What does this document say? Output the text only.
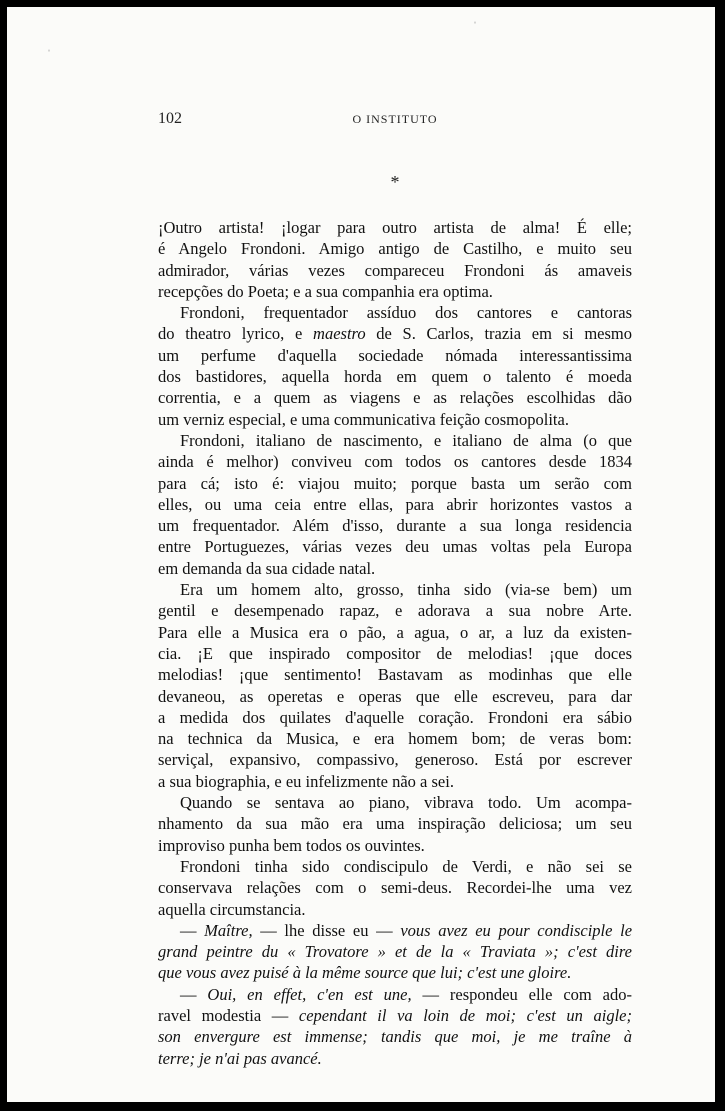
102	O INSTITUTO
*
¡Outro artista! ¡logar para outro artista de alma! É elle;
é Angelo Frondoni. Amigo antigo de Castilho, e muito seu
admirador, várias vezes compareceu Frondoni ás amaveis
recepções do Poeta; e a sua companhia era optima.
Frondoni, frequentador assíduo dos cantores e cantoras
do theatro lyrico, e maestro de S. Carlos, trazia em si mesmo
um perfume d'aquella sociedade nómada interessantissima
dos bastidores, aquella horda em quem o talento é moeda
correntia, e a quem as viagens e as relações escolhidas dão
um verniz especial, e uma communicativa feição cosmopolita.
Frondoni, italiano de nascimento, e italiano de alma (o que
ainda é melhor) conviveu com todos os cantores desde 1834
para cá; isto é: viajou muito; porque basta um serão com
elles, ou uma ceia entre ellas, para abrir horizontes vastos a
um frequentador. Além d'isso, durante a sua longa residencia
entre Portuguezes, várias vezes deu umas voltas pela Europa
em demanda da sua cidade natal.
Era um homem alto, grosso, tinha sido (via-se bem) um
gentil e desempenado rapaz, e adorava a sua nobre Arte.
Para elle a Musica era o pão, a agua, o ar, a luz da existen-
cia. ¡E que inspirado compositor de melodias! ¡que doces
melodias! ¡que sentimento! Bastavam as modinhas que elle
devaneou, as operetas e operas que elle escreveu, para dar
a medida dos quilates d'aquelle coração. Frondoni era sábio
na technica da Musica, e era homem bom; de veras bom:
serviçal, expansivo, compassivo, generoso. Está por escrever
a sua biographia, e eu infelizmente não a sei.
Quando se sentava ao piano, vibrava todo. Um acompa-
nhamento da sua mão era uma inspiração deliciosa; um seu
improviso punha bem todos os ouvintes.
Frondoni tinha sido condiscipulo de Verdi, e não sei se
conservava relações com o semi-deus. Recordei-lhe uma vez
aquella circumstancia.
— Maître, — lhe disse eu — vous avez eu pour condisciple le
grand peintre du « Trovatore » et de la « Traviata »; c'est dire
que vous avez puisé à la même source que lui; c'est une gloire.
— Oui, en effet, c'en est une, — respondeu elle com ado-
ravel modestia — cependant il va loin de moi; c'est un aigle;
son envergure est immense; tandis que moi, je me traîne à
terre; je n'ai pas avancé.
ˈ
ˈ
